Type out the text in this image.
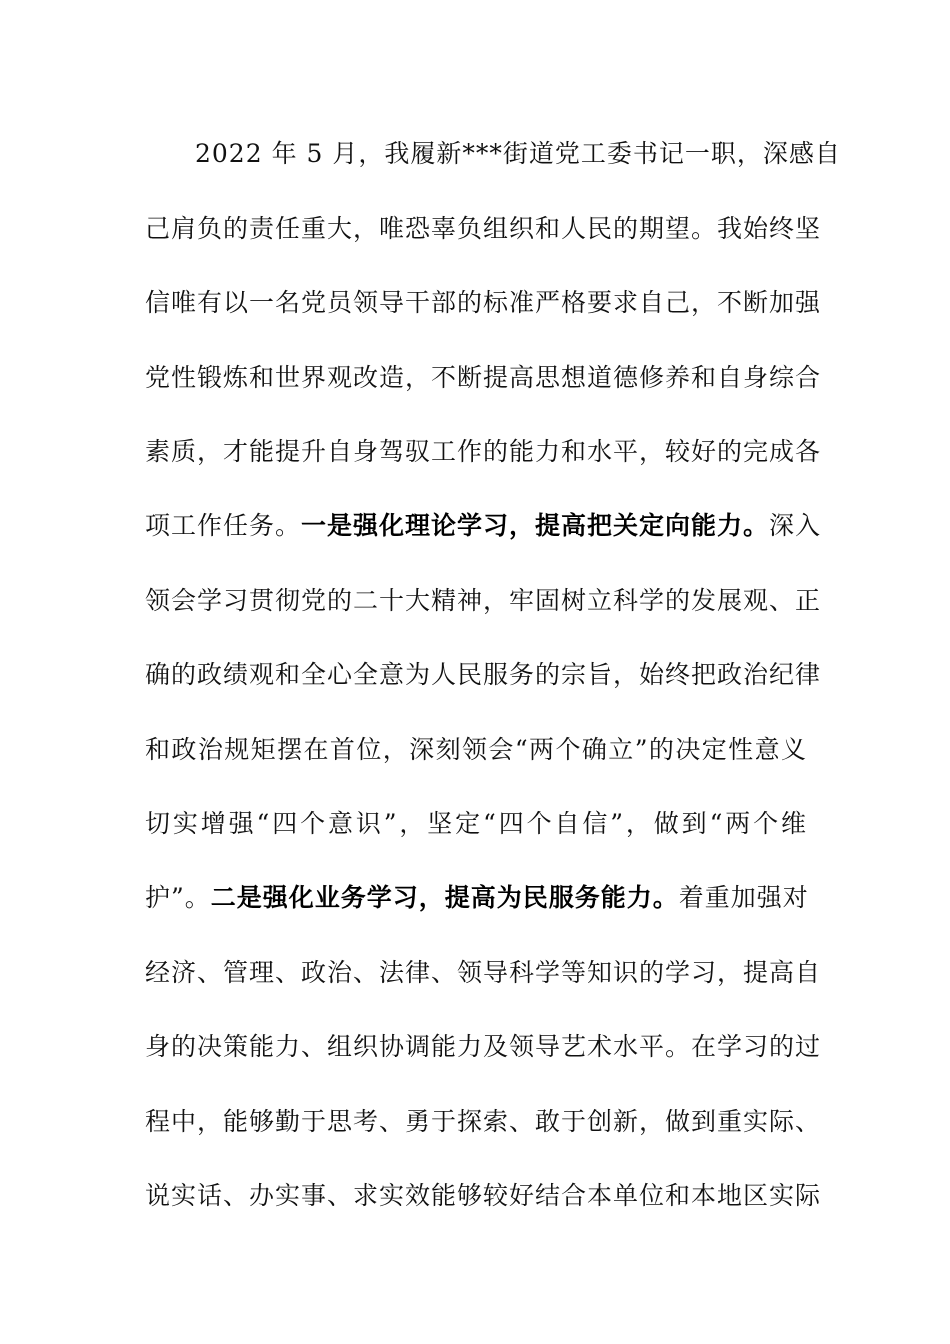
2022 年 5 月，我履新***街道党工委书记一职，深感自
己肩负的责任重大，唯恐辜负组织和人民的期望。我始终坚
信唯有以一名党员领导干部的标准严格要求自己，不断加强
党性锻炼和世界观改造，不断提高思想道德修养和自身综合
素质，才能提升自身驾驭工作的能力和水平，较好的完成各
项工作任务。一是强化理论学习，提高把关定向能力。深入
领会学习贯彻党的二十大精神，牢固树立科学的发展观、正
确的政绩观和全心全意为人民服务的宗旨，始终把政治纪律
和政治规矩摆在首位，深刻领会“两个确立”的决定性意义
切实增强“四个意识”，坚定“四个自信”，做到“两个维
护”。二是强化业务学习，提高为民服务能力。着重加强对
经济、管理、政治、法律、领导科学等知识的学习，提高自
身的决策能力、组织协调能力及领导艺术水平。在学习的过
程中，能够勤于思考、勇于探索、敢于创新，做到重实际、
说实话、办实事、求实效能够较好结合本单位和本地区实际
